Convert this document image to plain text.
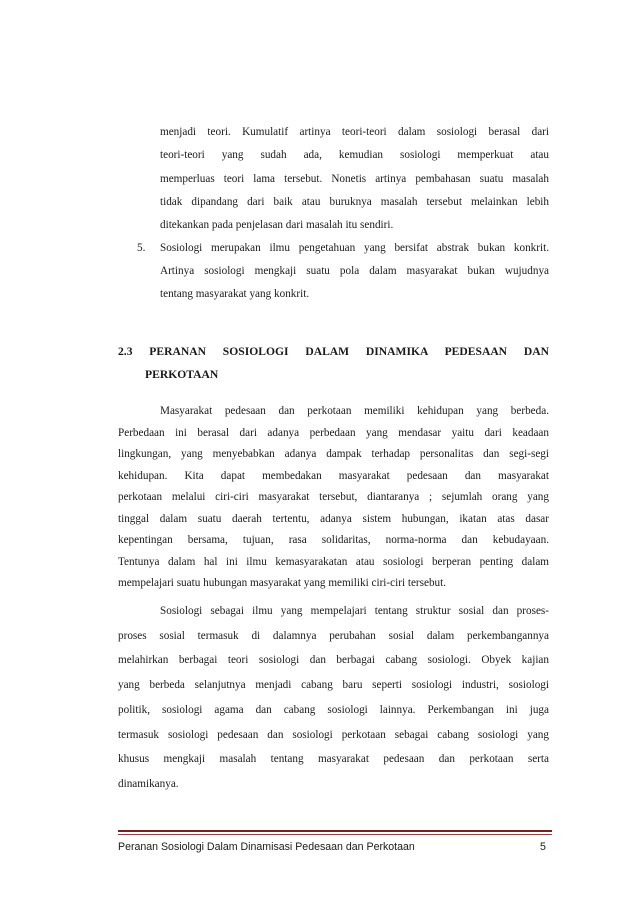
menjadi teori. Kumulatif artinya teori-teori dalam sosiologi berasal dari
teori-teori yang sudah ada, kemudian sosiologi memperkuat atau
memperluas teori lama tersebut. Nonetis artinya pembahasan suatu masalah
tidak dipandang dari baik atau buruknya masalah tersebut melainkan lebih
ditekankan pada penjelasan dari masalah itu sendiri.
5. Sosiologi merupakan ilmu pengetahuan yang bersifat abstrak bukan konkrit.
Artinya sosiologi mengkaji suatu pola dalam masyarakat bukan wujudnya
tentang masyarakat yang konkrit.
2.3 PERANAN SOSIOLOGI DALAM DINAMIKA PEDESAAN DAN
PERKOTAAN
Masyarakat pedesaan dan perkotaan memiliki kehidupan yang berbeda.
Perbedaan ini berasal dari adanya perbedaan yang mendasar yaitu dari keadaan
lingkungan, yang menyebabkan adanya dampak terhadap personalitas dan segi-segi
kehidupan. Kita dapat membedakan masyarakat pedesaan dan masyarakat
perkotaan melalui ciri-ciri masyarakat tersebut, diantaranya ; sejumlah orang yang
tinggal dalam suatu daerah tertentu, adanya sistem hubungan, ikatan atas dasar
kepentingan bersama, tujuan, rasa solidaritas, norma-norma dan kebudayaan.
Tentunya dalam hal ini ilmu kemasyarakatan atau sosiologi berperan penting dalam
mempelajari suatu hubungan masyarakat yang memiliki ciri-ciri tersebut.
Peranan Sosiologi Dalam Dinamisasi Pedesaan dan Perkotaan	5
Sosiologi sebagai ilmu yang mempelajari tentang struktur sosial dan proses-
proses sosial termasuk di dalamnya perubahan sosial dalam perkembangannya
melahirkan berbagai teori sosiologi dan berbagai cabang sosiologi. Obyek kajian
yang berbeda selanjutnya menjadi cabang baru seperti sosiologi industri, sosiologi
politik, sosiologi agama dan cabang sosiologi lainnya. Perkembangan ini juga
termasuk sosiologi pedesaan dan sosiologi perkotaan sebagai cabang sosiologi yang
khusus mengkaji masalah tentang masyarakat pedesaan dan perkotaan serta
dinamikanya.
